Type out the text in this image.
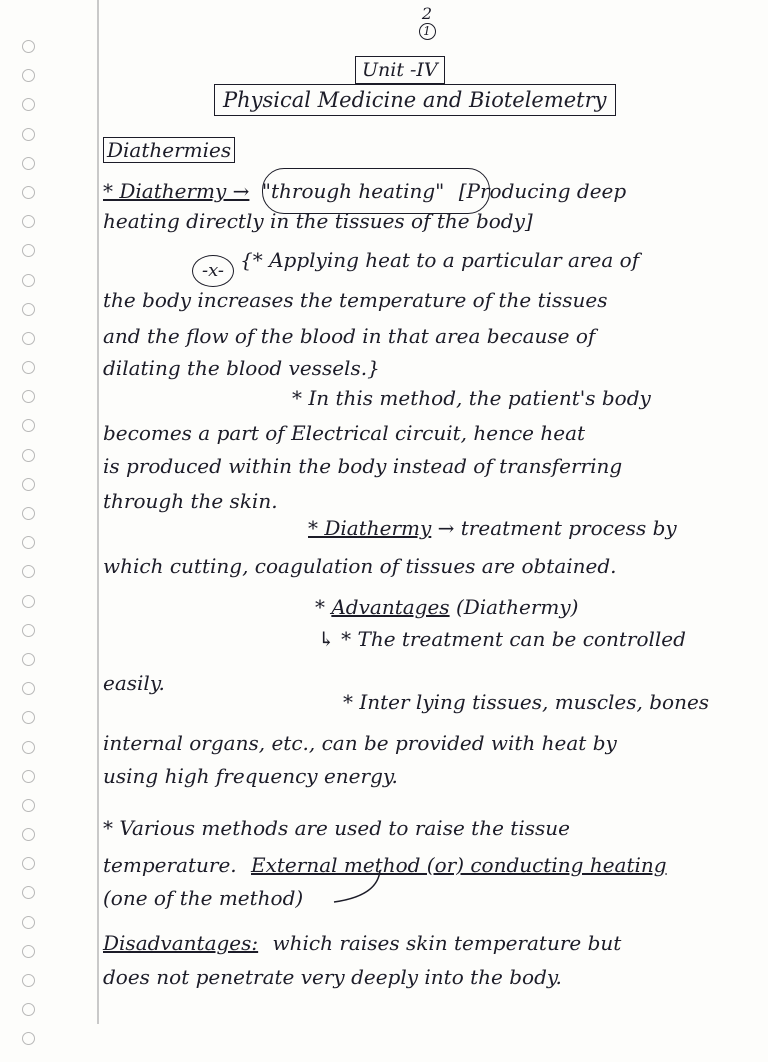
2
1
Unit -IV
Physical Medicine and Biotelemetry
Diathermies
* Diathermy → "through heating" [Producing deep
heating directly in the tissues of the body]
-x- {* Applying heat to a particular area of
the body increases the temperature of the tissues
and the flow of the blood in that area because of
dilating the blood vessels.}
* In this method, the patient's body
becomes a part of Electrical circuit, hence heat
is produced within the body instead of transferring
through the skin.
* Diathermy → treatment process by
which cutting, coagulation of tissues are obtained.
* Advantages (Diathermy)
↳ * The treatment can be controlled
easily.
* Inter lying tissues, muscles, bones
internal organs, etc., can be provided with heat by
using high frequency energy.
* Various methods are used to raise the tissue
temperature. External method (or) conducting heating
(one of the method)
Disadvantages: which raises skin temperature but
does not penetrate very deeply into the body.
